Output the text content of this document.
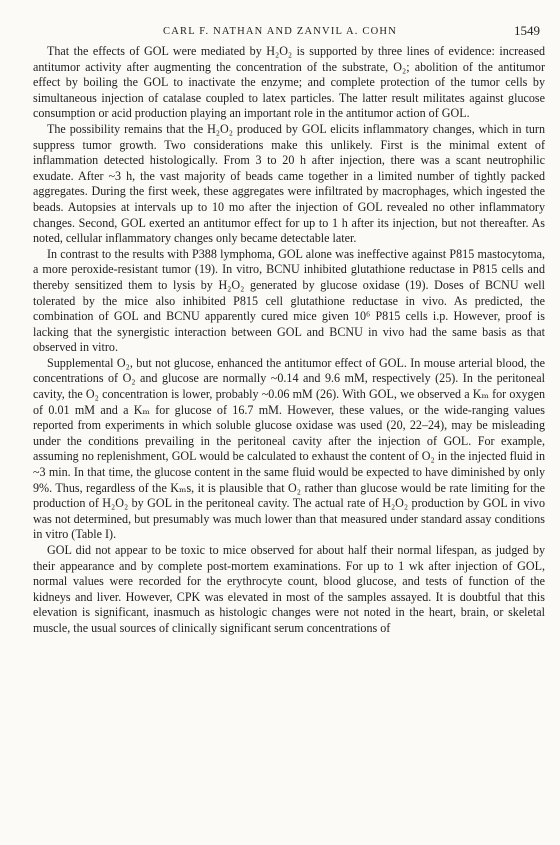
CARL F. NATHAN AND ZANVIL A. COHN	1549

That the effects of GOL were mediated by H₂O₂ is supported by three lines of evidence: increased antitumor activity after augmenting the concentration of the substrate, O₂; abolition of the antitumor effect by boiling the GOL to inactivate the enzyme; and complete protection of the tumor cells by simultaneous injection of catalase coupled to latex particles. The latter result militates against glucose consumption or acid production playing an important role in the antitumor action of GOL.

The possibility remains that the H₂O₂ produced by GOL elicits inflammatory changes, which in turn suppress tumor growth. Two considerations make this unlikely. First is the minimal extent of inflammation detected histologically. From 3 to 20 h after injection, there was a scant neutrophilic exudate. After ~3 h, the vast majority of beads came together in a limited number of tightly packed aggregates. During the first week, these aggregates were infiltrated by macrophages, which ingested the beads. Autopsies at intervals up to 10 mo after the injection of GOL revealed no other inflammatory changes. Second, GOL exerted an antitumor effect for up to 1 h after its injection, but not thereafter. As noted, cellular inflammatory changes only became detectable later.

In contrast to the results with P388 lymphoma, GOL alone was ineffective against P815 mastocytoma, a more peroxide-resistant tumor (19). In vitro, BCNU inhibited glutathione reductase in P815 cells and thereby sensitized them to lysis by H₂O₂ generated by glucose oxidase (19). Doses of BCNU well tolerated by the mice also inhibited P815 cell glutathione reductase in vivo. As predicted, the combination of GOL and BCNU apparently cured mice given 10⁶ P815 cells i.p. However, proof is lacking that the synergistic interaction between GOL and BCNU in vivo had the same basis as that observed in vitro.

Supplemental O₂, but not glucose, enhanced the antitumor effect of GOL. In mouse arterial blood, the concentrations of O₂ and glucose are normally ~0.14 and 9.6 mM, respectively (25). In the peritoneal cavity, the O₂ concentration is lower, probably ~0.06 mM (26). With GOL, we observed a Kₘ for oxygen of 0.01 mM and a Kₘ for glucose of 16.7 mM. However, these values, or the wide-ranging values reported from experiments in which soluble glucose oxidase was used (20, 22–24), may be misleading under the conditions prevailing in the peritoneal cavity after the injection of GOL. For example, assuming no replenishment, GOL would be calculated to exhaust the content of O₂ in the injected fluid in ~3 min. In that time, the glucose content in the same fluid would be expected to have diminished by only 9%. Thus, regardless of the Kₘs, it is plausible that O₂ rather than glucose would be rate limiting for the production of H₂O₂ by GOL in the peritoneal cavity. The actual rate of H₂O₂ production by GOL in vivo was not determined, but presumably was much lower than that measured under standard assay conditions in vitro (Table I).

GOL did not appear to be toxic to mice observed for about half their normal lifespan, as judged by their appearance and by complete post-mortem examinations. For up to 1 wk after injection of GOL, normal values were recorded for the erythrocyte count, blood glucose, and tests of function of the kidneys and liver. However, CPK was elevated in most of the samples assayed. It is doubtful that this elevation is significant, inasmuch as histologic changes were not noted in the heart, brain, or skeletal muscle, the usual sources of clinically significant serum concentrations of
